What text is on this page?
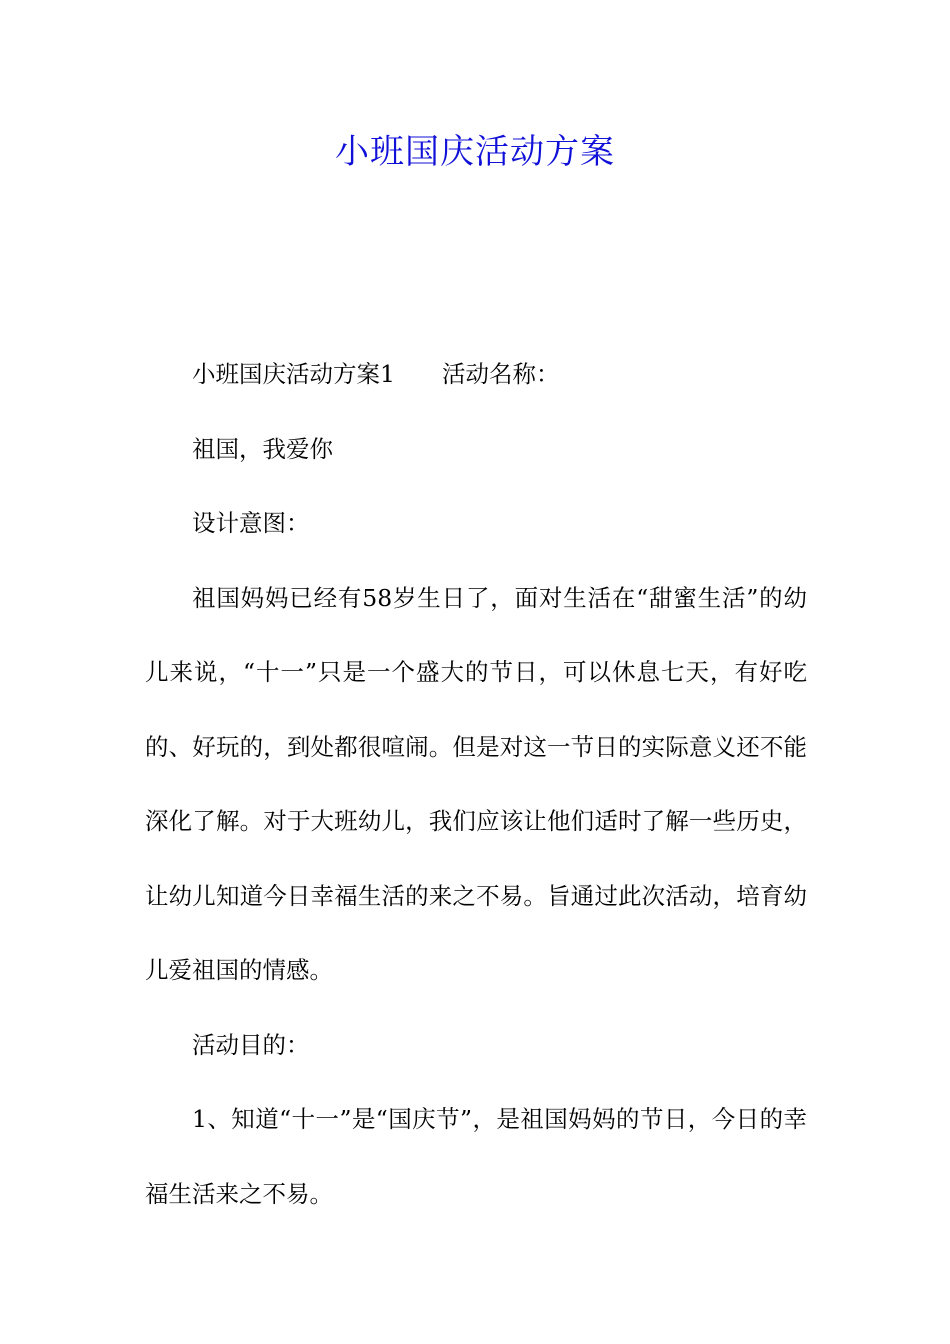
小班国庆活动方案

小班国庆活动方案1　　活动名称：

祖国，我爱你

设计意图：

祖国妈妈已经有58岁生日了，面对生活在“甜蜜生活”的幼儿来说，“十一”只是一个盛大的节日，可以休息七天，有好吃的、好玩的，到处都很喧闹。但是对这一节日的实际意义还不能深化了解。对于大班幼儿，我们应该让他们适时了解一些历史，让幼儿知道今日幸福生活的来之不易。旨通过此次活动，培育幼儿爱祖国的情感。

活动目的：

1、知道“十一”是“国庆节”，是祖国妈妈的节日，今日的幸福生活来之不易。
